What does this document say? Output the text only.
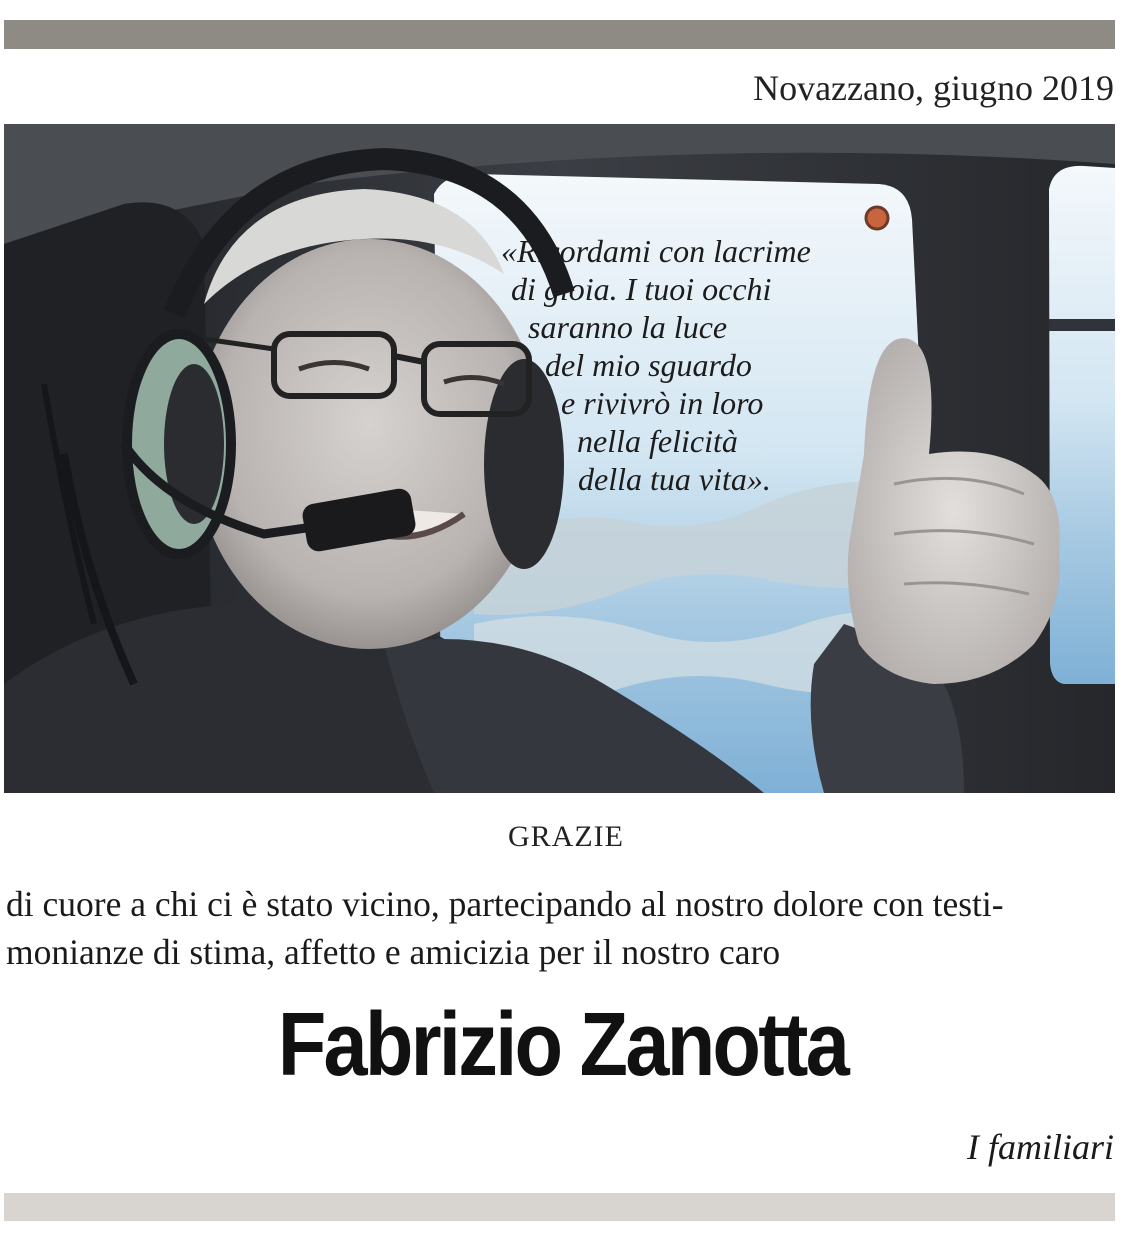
Novazzano, giugno 2019
«Ricordami con lacrime
di gioia. I tuoi occhi
saranno la luce
del mio sguardo
e rivivrò in loro
nella felicità
della tua vita».
GRAZIE
di cuore a chi ci è stato vicino, partecipando al nostro dolore con testi-
monianze di stima, affetto e amicizia per il nostro caro
Fabrizio Zanotta
I familiari
